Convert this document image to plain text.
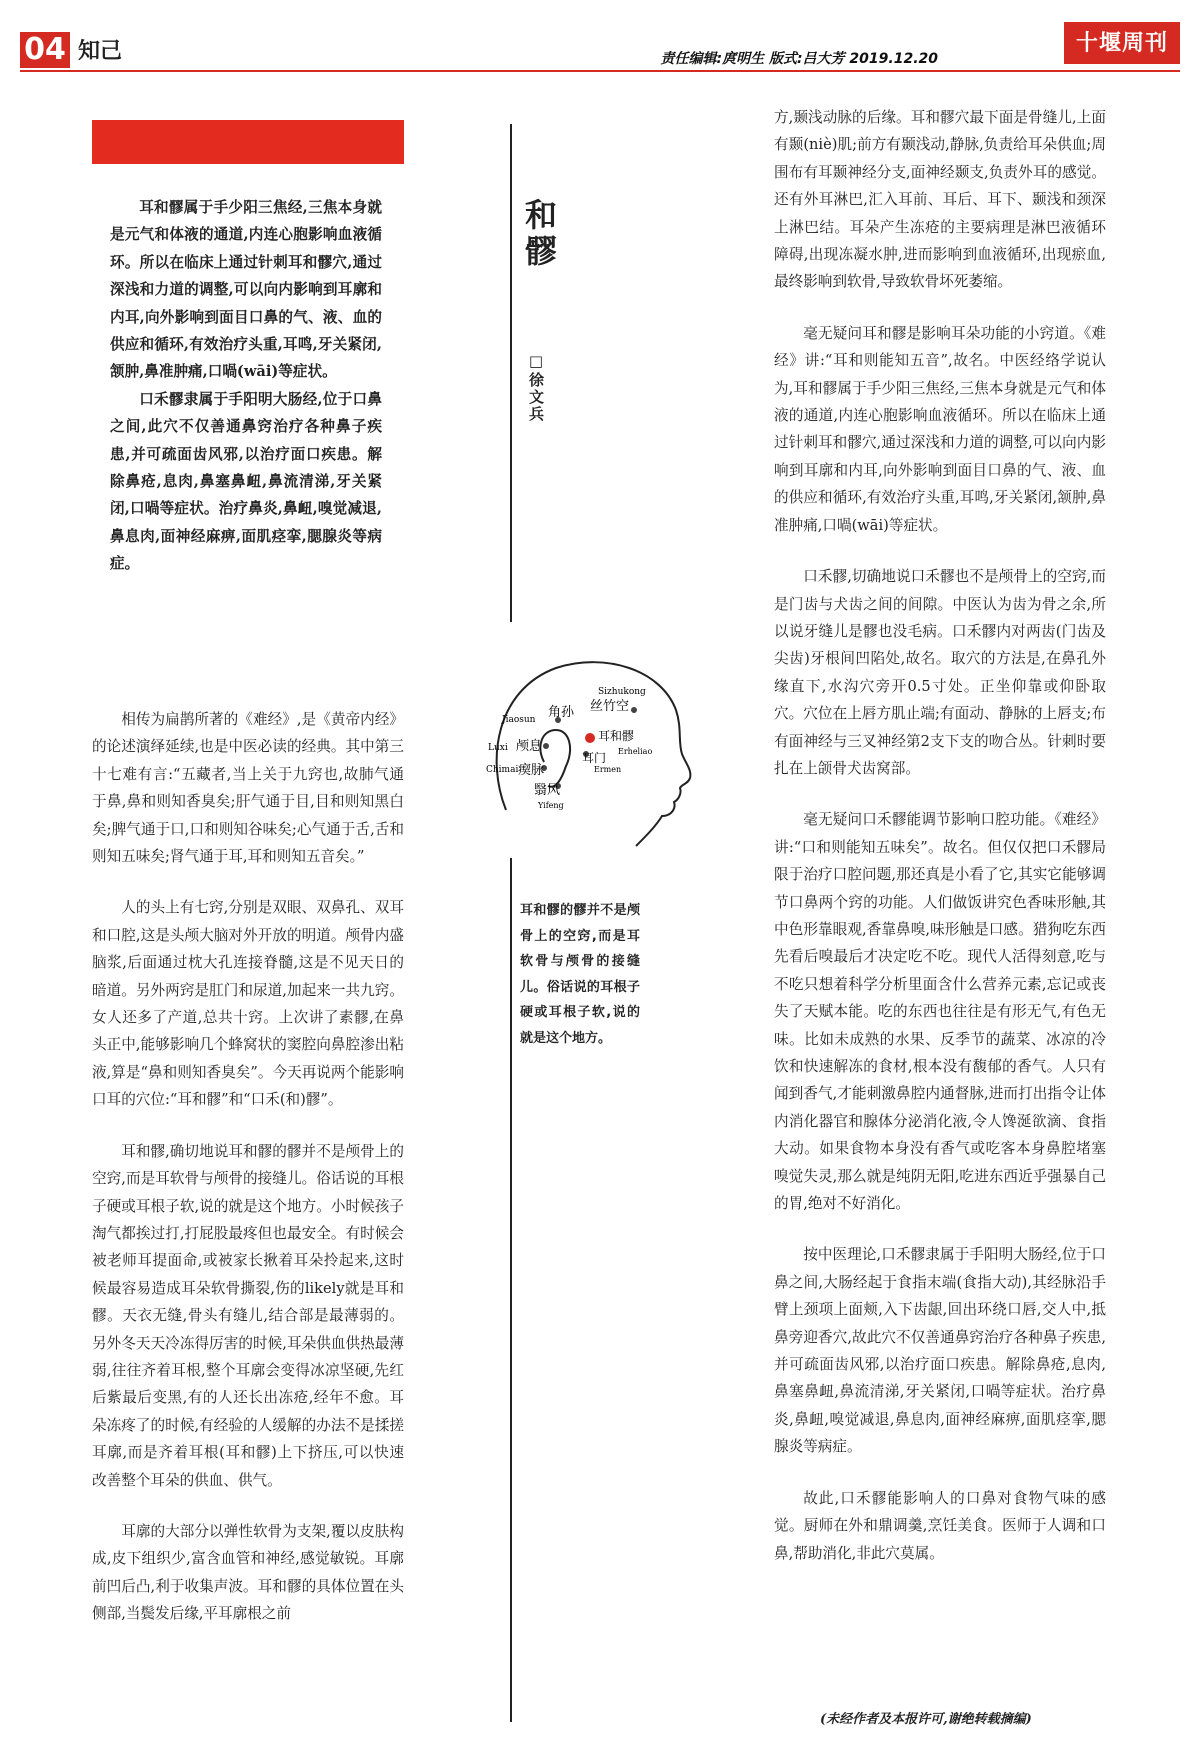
04 知己	责任编辑:庹明生 版式:吕大芳 2019.12.20
十堰周刊

耳和髎属于手少阳三焦经,三焦本身就是元气和体液的通道,内连心胞影响血液循环。所以在临床上通过针刺耳和髎穴,通过深浅和力道的调整,可以向内影响到耳廓和内耳,向外影响到面目口鼻的气、液、血的供应和循环,有效治疗头重,耳鸣,牙关紧闭,颔肿,鼻准肿痛,口喎(wāi)等症状。

口禾髎隶属于手阳明大肠经,位于口鼻之间,此穴不仅善通鼻窍治疗各种鼻子疾患,并可疏面齿风邪,以治疗面口疾患。解除鼻疮,息肉,鼻塞鼻衄,鼻流清涕,牙关紧闭,口喎等症状。治疗鼻炎,鼻衄,嗅觉减退,鼻息肉,面神经麻痹,面肌痉挛,腮腺炎等病症。

和髎
□徐文兵

相传为扁鹊所著的《难经》,是《黄帝内经》的论述演绎延续,也是中医必读的经典。其中第三十七难有言:“五藏者,当上关于九窍也,故肺气通于鼻,鼻和则知香臭矣;肝气通于目,目和则知黑白矣;脾气通于口,口和则知谷味矣;心气通于舌,舌和则知五味矣;肾气通于耳,耳和则知五音矣。”

人的头上有七窍,分别是双眼、双鼻孔、双耳和口腔,这是头颅大脑对外开放的明道。颅骨内盛脑浆,后面通过枕大孔连接脊髓,这是不见天日的暗道。另外两窍是肛门和尿道,加起来一共九窍。女人还多了产道,总共十窍。上次讲了素髎,在鼻头正中,能够影响几个蜂窝状的窦腔向鼻腔渗出粘液,算是“鼻和则知香臭矣”。今天再说两个能影响口耳的穴位:“耳和髎”和“口禾(和)髎”。

耳和髎,确切地说耳和髎的髎并不是颅骨上的空窍,而是耳软骨与颅骨的接缝儿。俗话说的耳根子硬或耳根子软,说的就是这个地方。小时候孩子淘气都挨过打,打屁股最疼但也最安全。有时候会被老师耳提面命,或被家长揪着耳朵拎起来,这时候最容易造成耳朵软骨撕裂,伤的likely就是耳和髎。天衣无缝,骨头有缝儿,结合部是最薄弱的。另外冬天天冷冻得厉害的时候,耳朵供血供热最薄弱,往往齐着耳根,整个耳廓会变得冰凉坚硬,先红后紫最后变黑,有的人还长出冻疮,经年不愈。耳朵冻疼了的时候,有经验的人缓解的办法不是揉搓耳廓,而是齐着耳根(耳和髎)上下挤压,可以快速改善整个耳朵的供血、供气。

耳廓的大部分以弹性软骨为支架,覆以皮肤构成,皮下组织少,富含血管和神经,感觉敏锐。耳廓前凹后凸,利于收集声波。耳和髎的具体位置在头侧部,当鬓发后缘,平耳廓根之前

Sizhukong
丝竹空
Jiaosun 角孙
耳和髎
Erheliao
Luxi 颅息
耳门
Ermen
Chimai 瘈脉
翳风
Yifeng
耳和髎的髎并不是颅骨上的空窍,而是耳软骨与颅骨的接缝儿。俗话说的耳根子硬或耳根子软,说的就是这个地方。

方,颞浅动脉的后缘。耳和髎穴最下面是骨缝儿,上面有颞(niè)肌;前方有颞浅动,静脉,负责给耳朵供血;周围布有耳颞神经分支,面神经颞支,负责外耳的感觉。还有外耳淋巴,汇入耳前、耳后、耳下、颞浅和颈深上淋巴结。耳朵产生冻疮的主要病理是淋巴液循环障碍,出现冻凝水肿,进而影响到血液循环,出现瘀血,最终影响到软骨,导致软骨坏死萎缩。

毫无疑问耳和髎是影响耳朵功能的小窍道。《难经》讲:“耳和则能知五音”,故名。中医经络学说认为,耳和髎属于手少阳三焦经,三焦本身就是元气和体液的通道,内连心胞影响血液循环。所以在临床上通过针刺耳和髎穴,通过深浅和力道的调整,可以向内影响到耳廓和内耳,向外影响到面目口鼻的气、液、血的供应和循环,有效治疗头重,耳鸣,牙关紧闭,颔肿,鼻准肿痛,口喎(wāi)等症状。

口禾髎,切确地说口禾髎也不是颅骨上的空窍,而是门齿与犬齿之间的间隙。中医认为齿为骨之余,所以说牙缝儿是髎也没毛病。口禾髎内对两齿(门齿及尖齿)牙根间凹陷处,故名。取穴的方法是,在鼻孔外缘直下,水沟穴旁开0.5寸处。正坐仰靠或仰卧取穴。穴位在上唇方肌止端;有面动、静脉的上唇支;布有面神经与三叉神经第2支下支的吻合丛。针刺时要扎在上颌骨犬齿窝部。

毫无疑问口禾髎能调节影响口腔功能。《难经》讲:“口和则能知五味矣”。故名。但仅仅把口禾髎局限于治疗口腔问题,那还真是小看了它,其实它能够调节口鼻两个窍的功能。人们做饭讲究色香味形触,其中色形靠眼观,香靠鼻嗅,味形触是口感。猎狗吃东西先看后嗅最后才决定吃不吃。现代人活得刻意,吃与不吃只想着科学分析里面含什么营养元素,忘记或丧失了天赋本能。吃的东西也往往是有形无气,有色无味。比如未成熟的水果、反季节的蔬菜、冰凉的冷饮和快速解冻的食材,根本没有馥郁的香气。人只有闻到香气,才能刺激鼻腔内通督脉,进而打出指令让体内消化器官和腺体分泌消化液,令人馋涎欲滴、食指大动。如果食物本身没有香气或吃客本身鼻腔堵塞嗅觉失灵,那么就是纯阴无阳,吃进东西近乎强暴自己的胃,绝对不好消化。

按中医理论,口禾髎隶属于手阳明大肠经,位于口鼻之间,大肠经起于食指末端(食指大动),其经脉沿手臂上颈项上面颊,入下齿龈,回出环绕口唇,交人中,抵鼻旁迎香穴,故此穴不仅善通鼻窍治疗各种鼻子疾患,并可疏面齿风邪,以治疗面口疾患。解除鼻疮,息肉,鼻塞鼻衄,鼻流清涕,牙关紧闭,口喎等症状。治疗鼻炎,鼻衄,嗅觉减退,鼻息肉,面神经麻痹,面肌痉挛,腮腺炎等病症。

故此,口禾髎能影响人的口鼻对食物气味的感觉。厨师在外和鼎调羹,烹饪美食。医师于人调和口鼻,帮助消化,非此穴莫属。

(未经作者及本报许可,谢绝转载摘编)
